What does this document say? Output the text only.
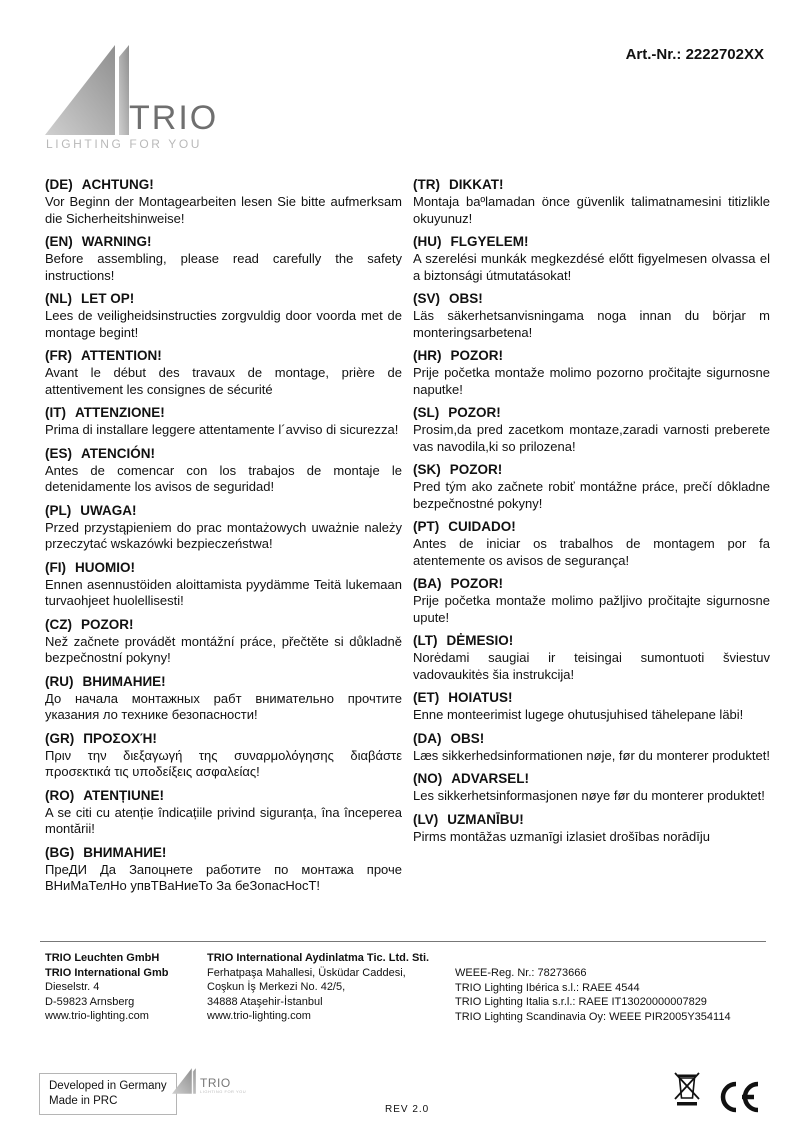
Art.-Nr.: 2222702XX
TRIO
LIGHTING FOR YOU
(DE) ACHTUNG!
Vor Beginn der Montagearbeiten lesen Sie bitte aufmerksam die Sicherheitshinweise!
(EN) WARNING!
Before assembling, please read carefully the safety instructions!
(NL) LET OP!
Lees de veiligheidsinstructies zorgvuldig door voorda met de montage begint!
(FR) ATTENTION!
Avant le début des travaux de montage, prière de attentivement les consignes de sécurité
(IT) ATTENZIONE!
Prima di installare leggere attentamente l´avviso di sicurezza!
(ES) ATENCIÓN!
Antes de comencar con los trabajos de montaje le detenidamente los avisos de seguridad!
(PL) UWAGA!
Przed przystąpieniem do prac montażowych uważnie należy przeczytać wskazówki bezpieczeństwa!
(FI) HUOMIO!
Ennen asennustöiden aloittamista pyydämme Teitä lukemaan turvaohjeet huolellisesti!
(CZ) POZOR!
Než začnete provádět montážní práce, přečtěte si důkladně bezpečnostní pokyny!
(RU) ВНИМАНИЕ!
До начала монтажных рабт внимательно прочтите указания ло технике безопасности!
(GR) ΠΡΟΣΟΧΉ!
Πριν την διεξαγωγή της συναρμολόγησης διαβάστε προσεκτικά τις υποδείξεις ασφαλείας!
(RO) ATENȚIUNE!
A se citi cu atenție îndicațiile privind siguranța, îna începerea montării!
(BG) ВНИМАНИЕ!
ПреДИ Да Запоцнете работите по монтажа проче ВНиМаТелНо упвТВаНиеТо За беЗопасНосТ!
(TR) DIKKAT!
Montaja baºlamadan önce güvenlik talimatnamesini titizlikle okuyunuz!
(HU) FLGYELEM!
A szerelési munkák megkezdésé előtt figyelmesen olvassa el a biztonsági útmutatásokat!
(SV) OBS!
Läs säkerhetsanvisningama noga innan du börjar m monteringsarbetena!
(HR) POZOR!
Prije početka montaže molimo pozorno pročitajte sigurnosne naputke!
(SL) POZOR!
Prosim,da pred zacetkom montaze,zaradi varnosti preberete vas navodila,ki so prilozena!
(SK) POZOR!
Pred tým ako začnete robiť montážne práce, prečí dôkladne bezpečnostné pokyny!
(PT) CUIDADO!
Antes de iniciar os trabalhos de montagem por fa atentemente os avisos de segurança!
(BA) POZOR!
Prije početka montaže molimo pažljivo pročitajte sigurnosne upute!
(LT) DĖMESIO!
Norėdami saugiai ir teisingai sumontuoti šviestuv vadovaukitės šia instrukcija!
(ET) HOIATUS!
Enne monteerimist lugege ohutusjuhised tähelepane läbi!
(DA) OBS!
Læs sikkerhedsinformationen nøje, før du monterer produktet!
(NO) ADVARSEL!
Les sikkerhetsinformasjonen nøye før du monterer produktet!
(LV) UZMANĪBU!
Pirms montāžas uzmanīgi izlasiet drošības norādīju
TRIO Leuchten GmbH
TRIO International Gmb
Dieselstr. 4
D-59823 Arnsberg
www.trio-lighting.com
TRIO International Aydinlatma Tic. Ltd. Sti.
Ferhatpaşa Mahallesi, Üsküdar Caddesi,
Coşkun İş Merkezi No. 42/5,
34888 Ataşehir-İstanbul
www.trio-lighting.com
WEEE-Reg. Nr.: 78273666
TRIO Lighting Ibérica s.l.: RAEE 4544
TRIO Lighting Italia s.r.l.: RAEE IT13020000007829
TRIO Lighting Scandinavia Oy: WEEE PIR2005Y354114
Developed in Germany
Made in PRC
TRIO
LIGHTING FOR YOU
REV 2.0
